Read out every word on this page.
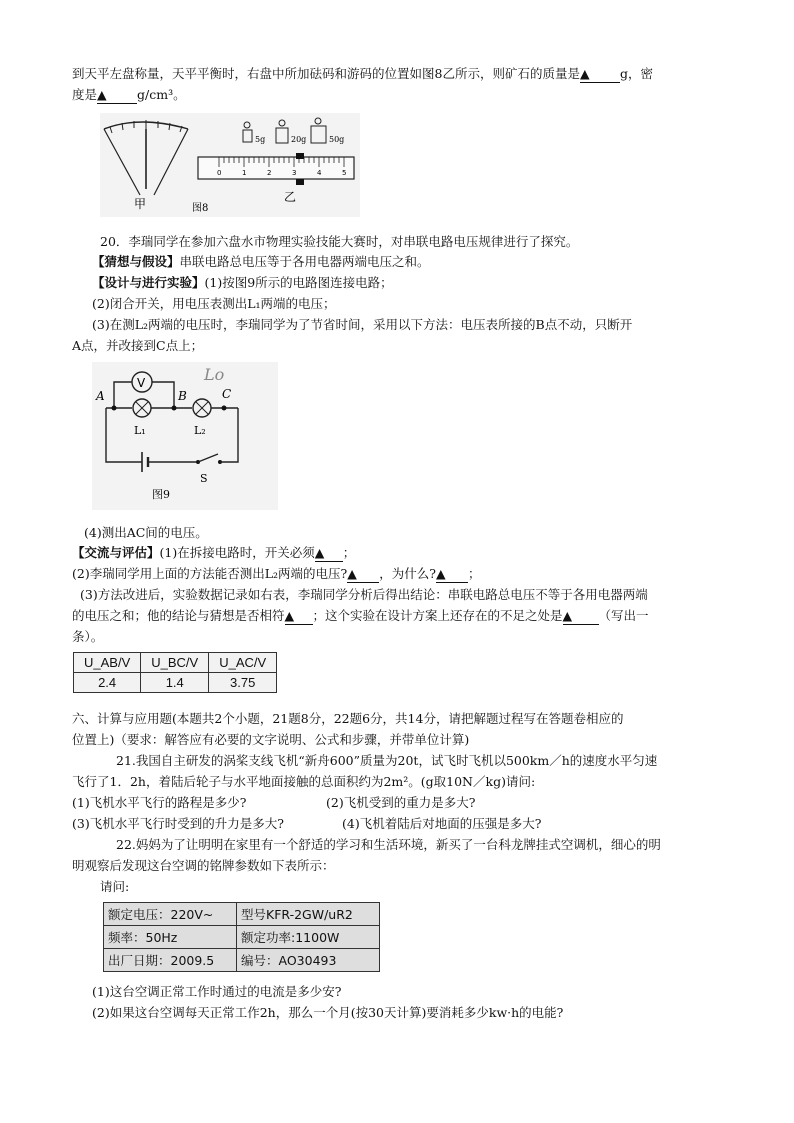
到天平左盘称量，天平平衡时，右盘中所加砝码和游码的位置如图8乙所示，则矿石的质量是▲ g，密
度是▲ g/cm³。
甲
5g	20g	50g
0	1	2	3	4	5
乙
图8
20．李瑞同学在参加六盘水市物理实验技能大赛时，对串联电路电压规律进行了探究。
【猜想与假设】串联电路总电压等于各用电器两端电压之和。
【设计与进行实验】(1)按图9所示的电路图连接电路；
(2)闭合开关，用电压表测出L₁两端的电压；
(3)在测L₂两端的电压时，李瑞同学为了节省时间，采用以下方法：电压表所接的B点不动，只断开
A点，并改接到C点上；
Lo
V
A	B	C
L₁	L₂
S
图9
(4)测出AC间的电压。
【交流与评估】(1)在拆接电路时，开关必须▲ ；
(2)李瑞同学用上面的方法能否测出L₂两端的电压?▲ ，为什么?▲ ；
(3)方法改进后，实验数据记录如右表，李瑞同学分析后得出结论：串联电路总电压不等于各用电器两端
的电压之和；他的结论与猜想是否相符▲ ；这个实验在设计方案上还存在的不足之处是▲ （写出一
条）。
U_AB/V	U_BC/V	U_AC/V
2.4	1.4	3.75
六、计算与应用题(本题共2个小题，21题8分，22题6分，共14分，请把解题过程写在答题卷相应的
位置上)（要求：解答应有必要的文字说明、公式和步骤，并带单位计算)
21.我国自主研发的涡桨支线飞机“新舟600”质量为20t，试飞时飞机以500km／h的速度水平匀速
飞行了1．2h，着陆后轮子与水平地面接触的总面积约为2m²。(g取10N／kg)请问:
(1)飞机水平飞行的路程是多少?	(2)飞机受到的重力是多大?
(3)飞机水平飞行时受到的升力是多大?	(4)飞机着陆后对地面的压强是多大?
22.妈妈为了让明明在家里有一个舒适的学习和生活环境，新买了一台科龙牌挂式空调机，细心的明
明观察后发现这台空调的铭牌参数如下表所示：
请问:
额定电压：220V~	型号KFR-2GW/uR2
频率：50Hz	额定功率:1100W
出厂日期：2009.5	编号：AO30493
(1)这台空调正常工作时通过的电流是多少安?
(2)如果这台空调每天正常工作2h，那么一个月(按30天计算)要消耗多少kw·h的电能?
